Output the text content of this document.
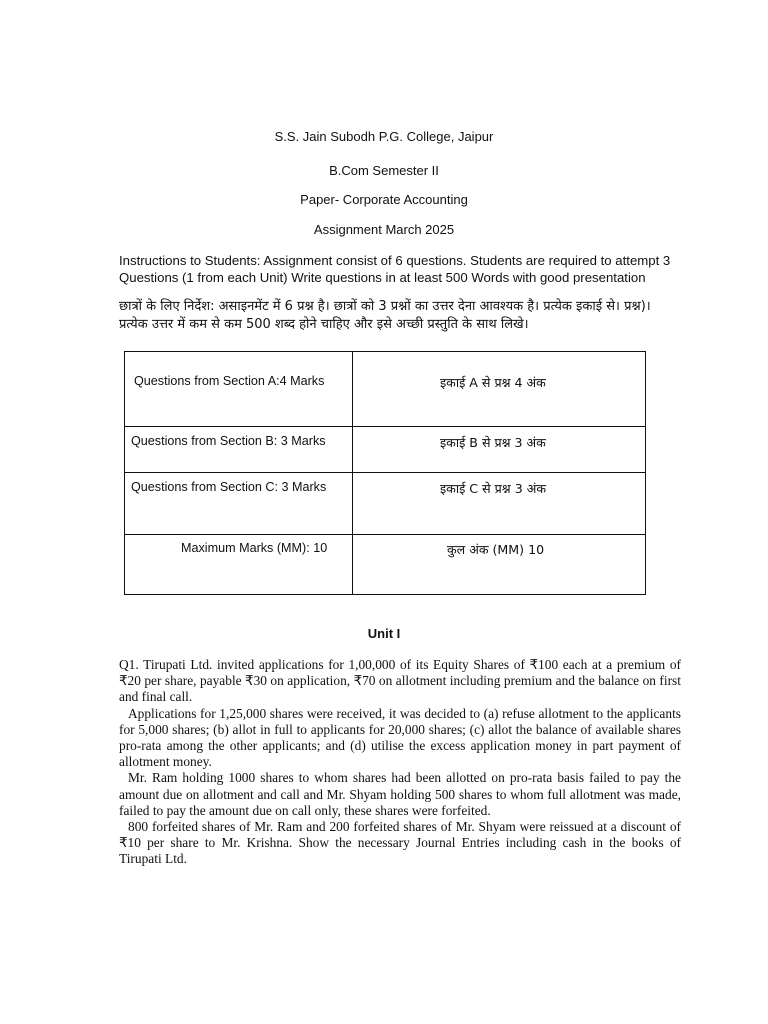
S.S. Jain Subodh P.G. College, Jaipur
B.Com Semester II
Paper- Corporate Accounting
Assignment March 2025
Instructions to Students: Assignment consist of 6 questions. Students are required to attempt 3
Questions (1 from each Unit) Write questions in at least 500 Words with good presentation
छात्रों के लिए निर्देश: असाइनमेंट में 6 प्रश्न है। छात्रों को 3 प्रश्नों का उत्तर देना आवश्यक है। प्रत्येक इकाई से। प्रश्न)।
प्रत्येक उत्तर में कम से कम 500 शब्द होने चाहिए और इसे अच्छी प्रस्तुति के साथ लिखे।
Questions from Section A:4 Marks	इकाई A से प्रश्न 4 अंक

Questions from Section B: 3 Marks	इकाई B से प्रश्न 3 अंक

Questions from Section C: 3 Marks	इकाई C से प्रश्न 3 अंक

Maximum Marks (MM): 10	कुल अंक (MM) 10
Unit I

Q1. Tirupati Ltd. invited applications for 1,00,000 of its Equity Shares of ₹100 each at a premium of ₹20 per share, payable ₹30 on application, ₹70 on allotment including premium and the balance on first and final call.

Applications for 1,25,000 shares were received, it was decided to (a) refuse allotment to the applicants for 5,000 shares; (b) allot in full to applicants for 20,000 shares; (c) allot the balance of available shares pro-rata among the other applicants; and (d) utilise the excess application money in part payment of allotment money.

Mr. Ram holding 1000 shares to whom shares had been allotted on pro-rata basis failed to pay the amount due on allotment and call and Mr. Shyam holding 500 shares to whom full allotment was made, failed to pay the amount due on call only, these shares were forfeited.

800 forfeited shares of Mr. Ram and 200 forfeited shares of Mr. Shyam were reissued at a discount of ₹10 per share to Mr. Krishna. Show the necessary Journal Entries including cash in the books of Tirupati Ltd.
